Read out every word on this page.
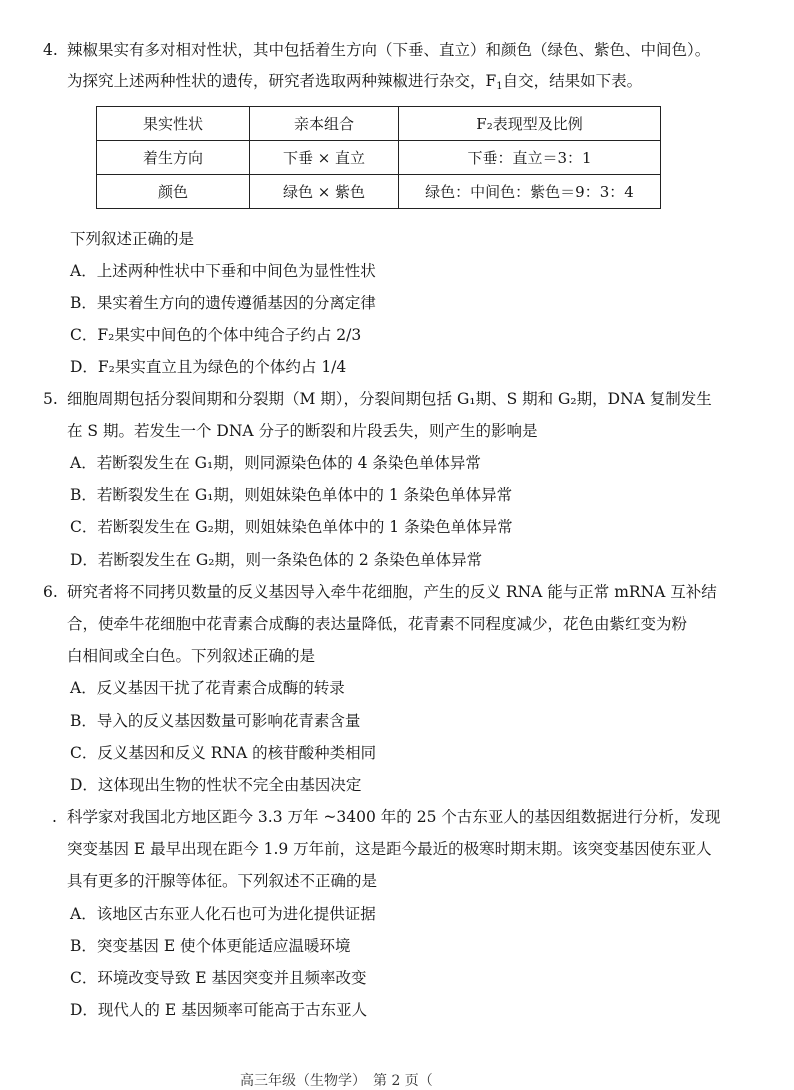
4. 辣椒果实有多对相对性状，其中包括着生方向（下垂、直立）和颜色（绿色、紫色、中间色）。
为探究上述两种性状的遗传，研究者选取两种辣椒进行杂交，F1自交，结果如下表。
果实性状	亲本组合	F₂表现型及比例
着生方向	下垂 × 直立	下垂：直立＝3：1
颜色	绿色 × 紫色	绿色：中间色：紫色＝9：3：4
下列叙述正确的是
A．上述两种性状中下垂和中间色为显性性状
B．果实着生方向的遗传遵循基因的分离定律
C．F₂果实中间色的个体中纯合子约占 2/3
D．F₂果实直立且为绿色的个体约占 1/4
5. 细胞周期包括分裂间期和分裂期（M 期），分裂间期包括 G₁期、S 期和 G₂期，DNA 复制发生
在 S 期。若发生一个 DNA 分子的断裂和片段丢失，则产生的影响是
A．若断裂发生在 G₁期，则同源染色体的 4 条染色单体异常
B．若断裂发生在 G₁期，则姐妹染色单体中的 1 条染色单体异常
C．若断裂发生在 G₂期，则姐妹染色单体中的 1 条染色单体异常
D．若断裂发生在 G₂期，则一条染色体的 2 条染色单体异常
6. 研究者将不同拷贝数量的反义基因导入牵牛花细胞，产生的反义 RNA 能与正常 mRNA 互补结
合，使牵牛花细胞中花青素合成酶的表达量降低，花青素不同程度减少，花色由紫红变为粉
白相间或全白色。下列叙述正确的是
A．反义基因干扰了花青素合成酶的转录
B．导入的反义基因数量可影响花青素含量
C．反义基因和反义 RNA 的核苷酸种类相同
D．这体现出生物的性状不完全由基因决定
. 科学家对我国北方地区距今 3.3 万年 ~3400 年的 25 个古东亚人的基因组数据进行分析，发现
突变基因 E 最早出现在距今 1.9 万年前，这是距今最近的极寒时期末期。该突变基因使东亚人
具有更多的汗腺等体征。下列叙述不正确的是
A．该地区古东亚人化石也可为进化提供证据
B．突变基因 E 使个体更能适应温暖环境
C．环境改变导致 E 基因突变并且频率改变
D．现代人的 E 基因频率可能高于古东亚人
高三年级（生物学）　第 2 页（
